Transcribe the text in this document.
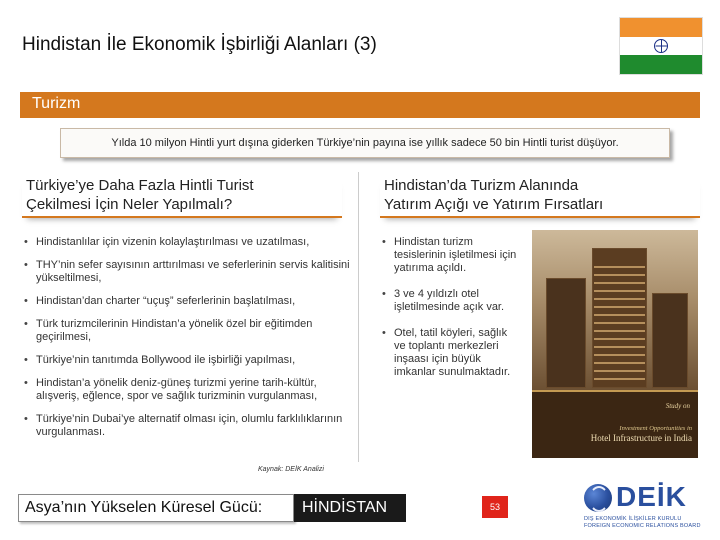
Hindistan İle Ekonomik İşbirliği Alanları (3)
Turizm
Yılda 10 milyon Hintli yurt dışına giderken Türkiye’nin payına ise yıllık sadece 50 bin Hintli turist düşüyor.
Türkiye’ye Daha Fazla Hintli Turist
Çekilmesi İçin Neler Yapılmalı?
Hindistan’da Turizm Alanında
Yatırım Açığı ve Yatırım Fırsatları
• Hindistanlılar için vizenin kolaylaştırılması ve uzatılması,
• THY’nin sefer sayısının arttırılması ve seferlerinin servis kalitisini yükseltilmesi,
• Hindistan’dan charter “uçuş” seferlerinin başlatılması,
• Türk turizmcilerinin Hindistan’a yönelik özel bir eğitimden geçirilmesi,
• Türkiye’nin tanıtımda Bollywood ile işbirliği yapılması,
• Hindistan’a yönelik deniz-güneş turizmi yerine tarih-kültür, alışveriş, eğlence, spor ve sağlık turizminin vurgulanması,
• Türkiye’nin Dubai’ye alternatif olması için, olumlu farklılıklarının vurgulanması.
• Hindistan turizm tesislerinin işletilmesi için yatırıma açıldı.
• 3 ve 4 yıldızlı otel işletilmesinde açık var.
• Otel, tatil köyleri, sağlık ve toplantı merkezleri inşaası için büyük imkanlar sunulmaktadır.
Study on
Investment Opportunities in
Hotel Infrastructure in India
Kaynak: DEİK Analizi
Asya’nın Yükselen Küresel Gücü:	HİNDİSTAN	53	DEİK
DIŞ EKONOMİK İLİŞKİLER KURULU
FOREIGN ECONOMIC RELATIONS BOARD
